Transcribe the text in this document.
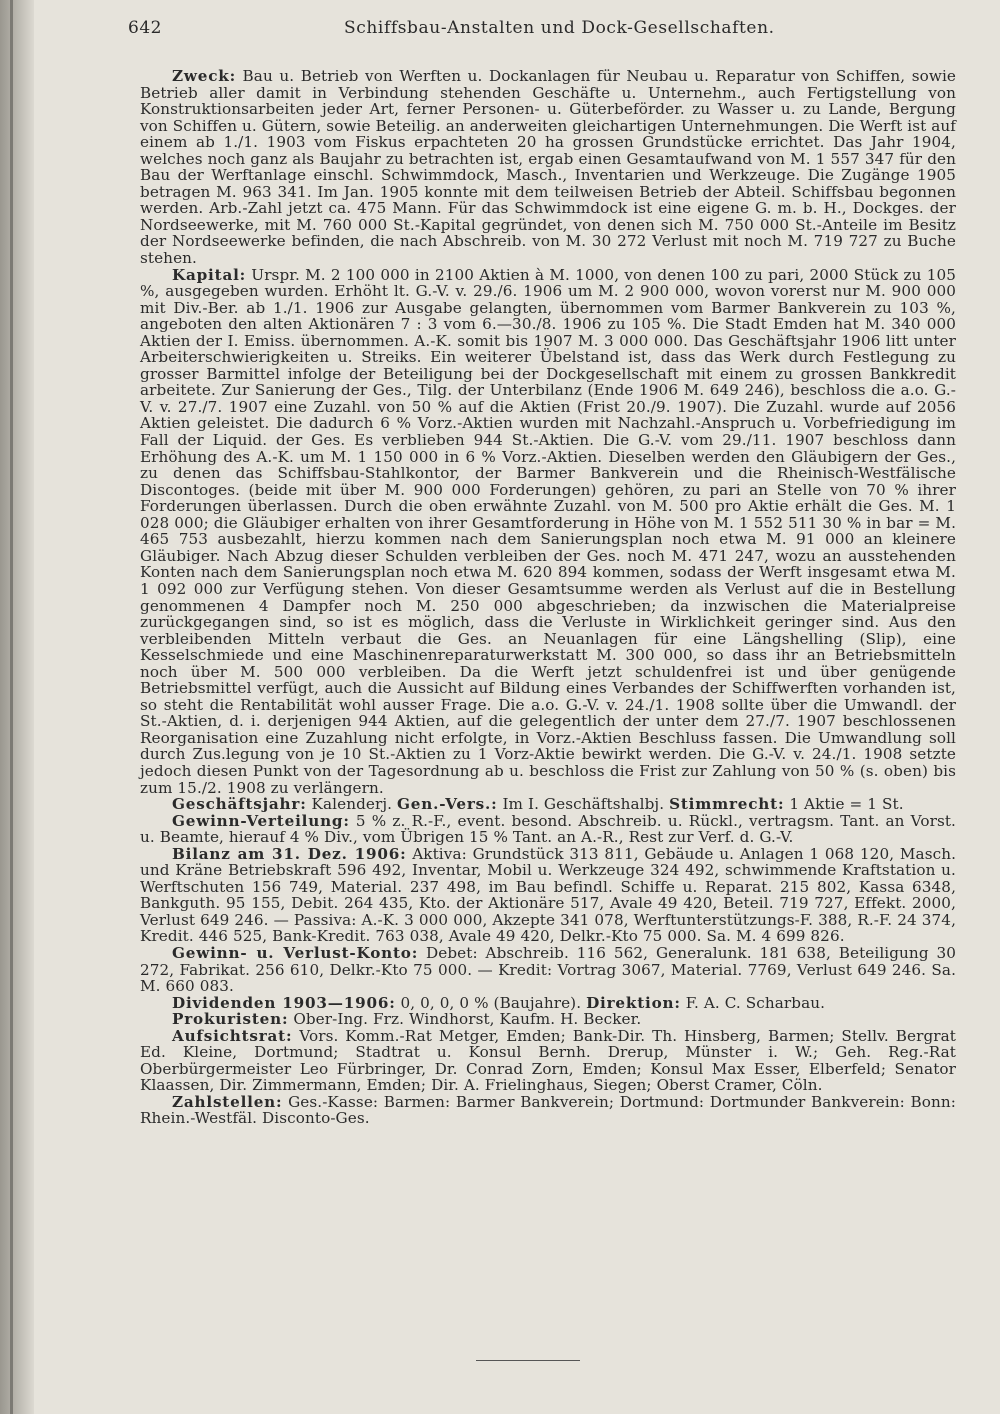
642	Schiffsbau-Anstalten und Dock-Gesellschaften.

Zweck: Bau u. Betrieb von Werften u. Dockanlagen für Neubau u. Reparatur von Schiffen, sowie Betrieb aller damit in Verbindung stehenden Geschäfte u. Unternehm., auch Fertigstellung von Konstruktionsarbeiten jeder Art, ferner Personen- u. Güterbeförder. zu Wasser u. zu Lande, Bergung von Schiffen u. Gütern, sowie Beteilig. an anderweiten gleichartigen Unternehmungen. Die Werft ist auf einem ab 1./1. 1903 vom Fiskus erpachteten 20 ha grossen Grundstücke errichtet. Das Jahr 1904, welches noch ganz als Baujahr zu betrachten ist, ergab einen Gesamtaufwand von M. 1 557 347 für den Bau der Werftanlage einschl. Schwimmdock, Masch., Inventarien und Werkzeuge. Die Zugänge 1905 betragen M. 963 341. Im Jan. 1905 konnte mit dem teilweisen Betrieb der Abteil. Schiffsbau begonnen werden. Arb.-Zahl jetzt ca. 475 Mann. Für das Schwimmdock ist eine eigene G. m. b. H., Dockges. der Nordseewerke, mit M. 760 000 St.-Kapital gegründet, von denen sich M. 750 000 St.-Anteile im Besitz der Nordseewerke befinden, die nach Abschreib. von M. 30 272 Verlust mit noch M. 719 727 zu Buche stehen.

Kapital: Urspr. M. 2 100 000 in 2100 Aktien à M. 1000, von denen 100 zu pari, 2000 Stück zu 105 %, ausgegeben wurden. Erhöht lt. G.-V. v. 29./6. 1906 um M. 2 900 000, wovon vorerst nur M. 900 000 mit Div.-Ber. ab 1./1. 1906 zur Ausgabe gelangten, übernommen vom Barmer Bankverein zu 103 %, angeboten den alten Aktionären 7 : 3 vom 6.—30./8. 1906 zu 105 %. Die Stadt Emden hat M. 340 000 Aktien der I. Emiss. übernommen. A.-K. somit bis 1907 M. 3 000 000. Das Geschäftsjahr 1906 litt unter Arbeiterschwierigkeiten u. Streiks. Ein weiterer Übelstand ist, dass das Werk durch Festlegung zu grosser Barmittel infolge der Beteiligung bei der Dockgesellschaft mit einem zu grossen Bankkredit arbeitete. Zur Sanierung der Ges., Tilg. der Unterbilanz (Ende 1906 M. 649 246), beschloss die a.o. G.-V. v. 27./7. 1907 eine Zuzahl. von 50 % auf die Aktien (Frist 20./9. 1907). Die Zuzahl. wurde auf 2056 Aktien geleistet. Die dadurch 6 % Vorz.-Aktien wurden mit Nachzahl.-Anspruch u. Vorbefriedigung im Fall der Liquid. der Ges. Es verblieben 944 St.-Aktien. Die G.-V. vom 29./11. 1907 beschloss dann Erhöhung des A.-K. um M. 1 150 000 in 6 % Vorz.-Aktien. Dieselben werden den Gläubigern der Ges., zu denen das Schiffsbau-Stahlkontor, der Barmer Bankverein und die Rheinisch-Westfälische Discontoges. (beide mit über M. 900 000 Forderungen) gehören, zu pari an Stelle von 70 % ihrer Forderungen überlassen. Durch die oben erwähnte Zuzahl. von M. 500 pro Aktie erhält die Ges. M. 1 028 000; die Gläubiger erhalten von ihrer Gesamtforderung in Höhe von M. 1 552 511 30 % in bar = M. 465 753 ausbezahlt, hierzu kommen nach dem Sanierungsplan noch etwa M. 91 000 an kleinere Gläubiger. Nach Abzug dieser Schulden verbleiben der Ges. noch M. 471 247, wozu an ausstehenden Konten nach dem Sanierungsplan noch etwa M. 620 894 kommen, sodass der Werft insgesamt etwa M. 1 092 000 zur Verfügung stehen. Von dieser Gesamtsumme werden als Verlust auf die in Bestellung genommenen 4 Dampfer noch M. 250 000 abgeschrieben; da inzwischen die Materialpreise zurückgegangen sind, so ist es möglich, dass die Verluste in Wirklichkeit geringer sind. Aus den verbleibenden Mitteln verbaut die Ges. an Neuanlagen für eine Längshelling (Slip), eine Kesselschmiede und eine Maschinenreparaturwerkstatt M. 300 000, so dass ihr an Betriebsmitteln noch über M. 500 000 verbleiben. Da die Werft jetzt schuldenfrei ist und über genügende Betriebsmittel verfügt, auch die Aussicht auf Bildung eines Verbandes der Schiffwerften vorhanden ist, so steht die Rentabilität wohl ausser Frage. Die a.o. G.-V. v. 24./1. 1908 sollte über die Umwandl. der St.-Aktien, d. i. derjenigen 944 Aktien, auf die gelegentlich der unter dem 27./7. 1907 beschlossenen Reorganisation eine Zuzahlung nicht erfolgte, in Vorz.-Aktien Beschluss fassen. Die Umwandlung soll durch Zus.legung von je 10 St.-Aktien zu 1 Vorz-Aktie bewirkt werden. Die G.-V. v. 24./1. 1908 setzte jedoch diesen Punkt von der Tagesordnung ab u. beschloss die Frist zur Zahlung von 50 % (s. oben) bis zum 15./2. 1908 zu verlängern.

Geschäftsjahr: Kalenderj. Gen.-Vers.: Im I. Geschäftshalbj. Stimmrecht: 1 Aktie = 1 St.

Gewinn-Verteilung: 5 % z. R.-F., event. besond. Abschreib. u. Rückl., vertragsm. Tant. an Vorst. u. Beamte, hierauf 4 % Div., vom Übrigen 15 % Tant. an A.-R., Rest zur Verf. d. G.-V.

Bilanz am 31. Dez. 1906: Aktiva: Grundstück 313 811, Gebäude u. Anlagen 1 068 120, Masch. und Kräne Betriebskraft 596 492, Inventar, Mobil u. Werkzeuge 324 492, schwimmende Kraftstation u. Werftschuten 156 749, Material. 237 498, im Bau befindl. Schiffe u. Reparat. 215 802, Kassa 6348, Bankguth. 95 155, Debit. 264 435, Kto. der Aktionäre 517, Avale 49 420, Beteil. 719 727, Effekt. 2000, Verlust 649 246. — Passiva: A.-K. 3 000 000, Akzepte 341 078, Werftunterstützungs-F. 388, R.-F. 24 374, Kredit. 446 525, Bank-Kredit. 763 038, Avale 49 420, Delkr.-Kto 75 000. Sa. M. 4 699 826.

Gewinn- u. Verlust-Konto: Debet: Abschreib. 116 562, Generalunk. 181 638, Beteiligung 30 272, Fabrikat. 256 610, Delkr.-Kto 75 000. — Kredit: Vortrag 3067, Material. 7769, Verlust 649 246. Sa. M. 660 083.

Dividenden 1903—1906: 0, 0, 0, 0 % (Baujahre). Direktion: F. A. C. Scharbau.

Prokuristen: Ober-Ing. Frz. Windhorst, Kaufm. H. Becker.

Aufsichtsrat: Vors. Komm.-Rat Metger, Emden; Bank-Dir. Th. Hinsberg, Barmen; Stellv. Bergrat Ed. Kleine, Dortmund; Stadtrat u. Konsul Bernh. Drerup, Münster i. W.; Geh. Reg.-Rat Oberbürgermeister Leo Fürbringer, Dr. Conrad Zorn, Emden; Konsul Max Esser, Elberfeld; Senator Klaassen, Dir. Zimmermann, Emden; Dir. A. Frielinghaus, Siegen; Oberst Cramer, Cöln.

Zahlstellen: Ges.-Kasse: Barmen: Barmer Bankverein; Dortmund: Dortmunder Bankverein: Bonn: Rhein.-Westfäl. Disconto-Ges.
